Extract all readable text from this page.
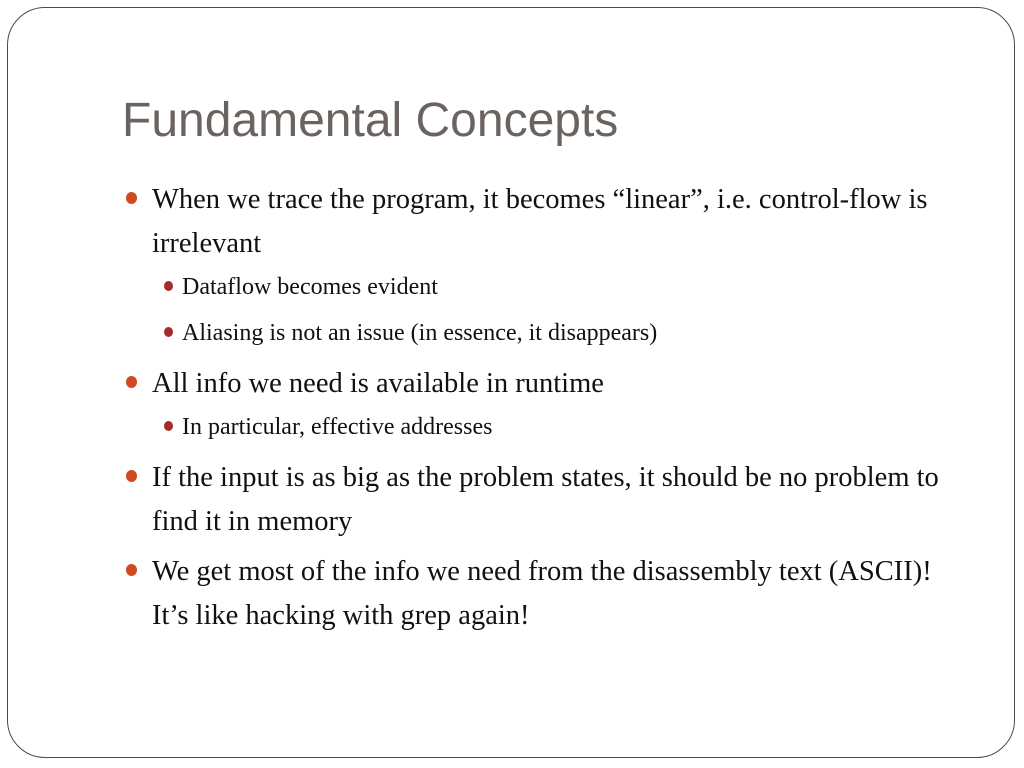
Fundamental Concepts
When we trace the program, it becomes “linear”, i.e. control-flow is irrelevant
Dataflow becomes evident
Aliasing is not an issue (in essence, it disappears)
All info we need is available in runtime
In particular, effective addresses
If the input is as big as the problem states, it should be no problem to find it in memory
We get most of the info we need from the disassembly text (ASCII)! It’s like hacking with grep again!
